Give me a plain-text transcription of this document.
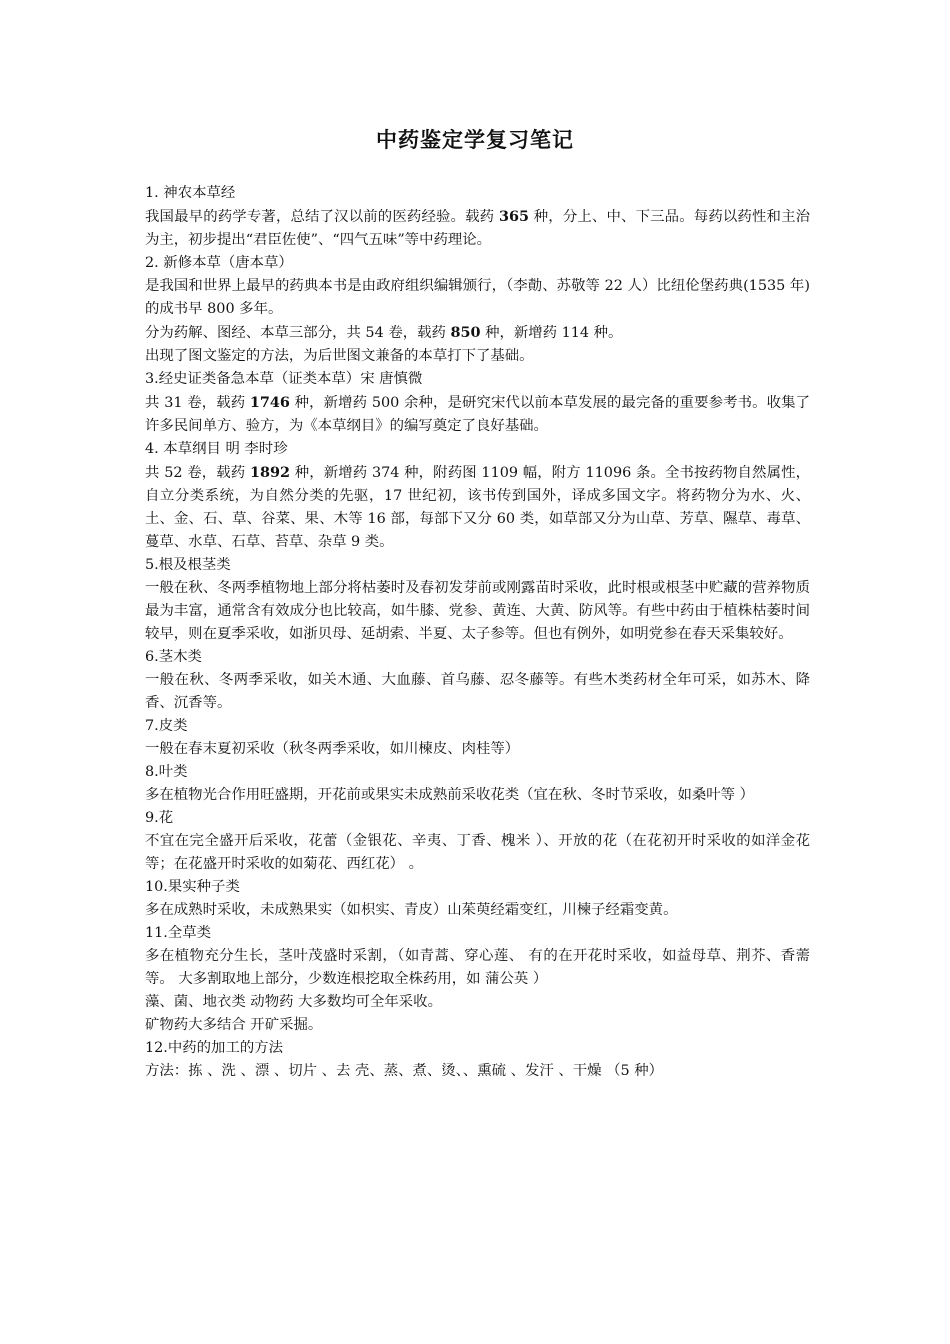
中药鉴定学复习笔记

1. 神农本草经

我国最早的药学专著，总结了汉以前的医药经验。载药 365 种，分上、中、下三品。每药以药性和主治为主，初步提出“君臣佐使”、“四气五味”等中药理论。

2. 新修本草（唐本草）

是我国和世界上最早的药典本书是由政府组织编辑颁行，（李勣、苏敬等 22 人）比纽伦堡药典(1535 年)的成书早 800 多年。

分为药解、图经、本草三部分，共 54 卷，载药 850 种，新增药 114 种。

出现了图文鉴定的方法，为后世图文兼备的本草打下了基础。

3.经史证类备急本草（证类本草）宋 唐慎微

共 31 卷，载药 1746 种，新增药 500 余种，是研究宋代以前本草发展的最完备的重要参考书。收集了许多民间单方、验方，为《本草纲目》的编写奠定了良好基础。

4. 本草纲目 明 李时珍

共 52 卷，载药 1892 种，新增药 374 种，附药图 1109 幅，附方 11096 条。全书按药物自然属性，自立分类系统，为自然分类的先驱，17 世纪初，该书传到国外，译成多国文字。将药物分为水、火、土、金、石、草、谷菜、果、木等 16 部，每部下又分 60 类，如草部又分为山草、芳草、隰草、毒草、蔓草、水草、石草、苔草、杂草 9 类。

5.根及根茎类

一般在秋、冬两季植物地上部分将枯萎时及春初发芽前或刚露苗时采收，此时根或根茎中贮藏的营养物质最为丰富，通常含有效成分也比较高，如牛膝、党参、黄连、大黄、防风等。有些中药由于植株枯萎时间较早，则在夏季采收，如浙贝母、延胡索、半夏、太子参等。但也有例外，如明党参在春天采集较好。

6.茎木类

一般在秋、冬两季采收，如关木通、大血藤、首乌藤、忍冬藤等。有些木类药材全年可采，如苏木、降香、沉香等。

7.皮类

一般在春末夏初采收（秋冬两季采收，如川楝皮、肉桂等）

8.叶类

多在植物光合作用旺盛期，开花前或果实未成熟前采收花类（宜在秋、冬时节采收，如桑叶等 ）

9.花

不宜在完全盛开后采收，花蕾（金银花、辛夷、丁香、槐米 ）、开放的花（在花初开时采收的如洋金花等；在花盛开时采收的如菊花、西红花） 。

10.果实种子类

多在成熟时采收，未成熟果实（如枳实、青皮）山茱萸经霜变红，川楝子经霜变黄。

11.全草类

多在植物充分生长，茎叶茂盛时采割，（如青蒿、穿心莲、 有的在开花时采收，如益母草、荆芥、香薷等。 大多割取地上部分，少数连根挖取全株药用，如 蒲公英 ）

藻、菌、地衣类 动物药 大多数均可全年采收。

矿物药大多结合 开矿采掘。

12.中药的加工的方法

方法：拣 、洗 、漂 、切片 、去 壳、蒸、煮、烫、、熏硫 、发汗 、干燥 （5 种）
